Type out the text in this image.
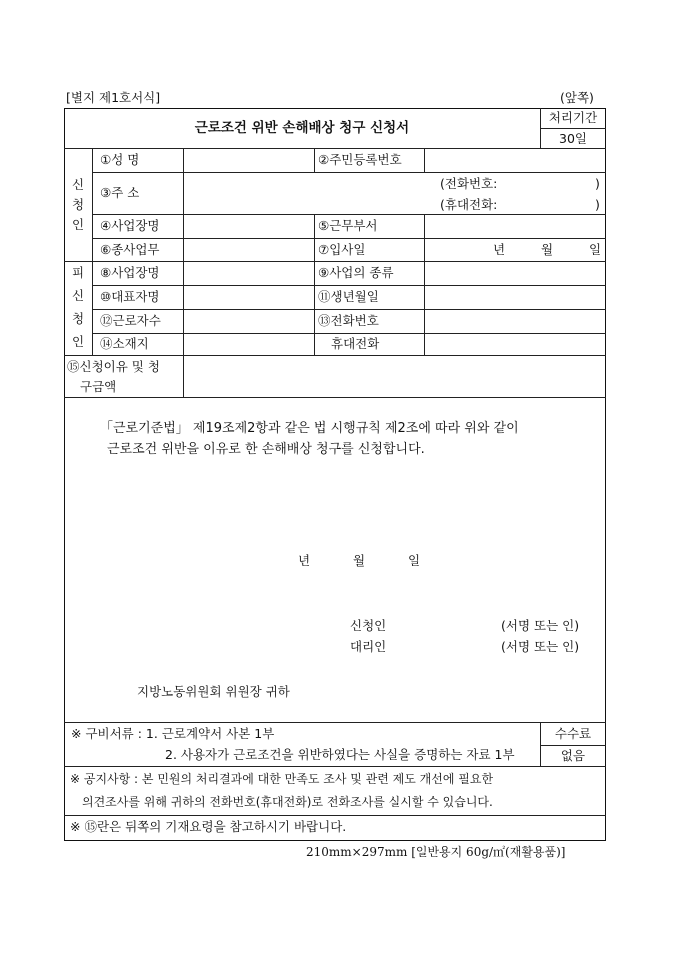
[별지 제1호서식]	(앞쪽)
근로조건 위반 손해배상 청구 신청서
처리기간
30일
신
청
인
①성 명	②주민등록번호
③주 소
(전화번호:	)
(휴대전화:	)
④사업장명	⑤근무부서
⑥종사업무	⑦입사일	년	월	일
피
신
청
인
⑧사업장명	⑨사업의 종류
⑩대표자명	⑪생년월일
⑫근로자수	⑬전화번호
⑭소재지	휴대전화
⑮신청이유 및 청
구금액
「근로기준법」 제19조제2항과 같은 법 시행규칙 제2조에 따라 위와 같이
근로조건 위반을 이유로 한 손해배상 청구를 신청합니다.
년	월	일
신청인	(서명 또는 인)
대리인	(서명 또는 인)
지방노동위원회 위원장 귀하
※ 구비서류 : 1. 근로계약서 사본 1부
2. 사용자가 근로조건을 위반하였다는 사실을 증명하는 자료 1부
수수료
없음
※ 공지사항 : 본 민원의 처리결과에 대한 만족도 조사 및 관련 제도 개선에 필요한
의견조사를 위해 귀하의 전화번호(휴대전화)로 전화조사를 실시할 수 있습니다.
※ ⑮란은 뒤쪽의 기재요령을 참고하시기 바랍니다.
210mm×297mm [일반용지 60g/㎡(재활용품)]
